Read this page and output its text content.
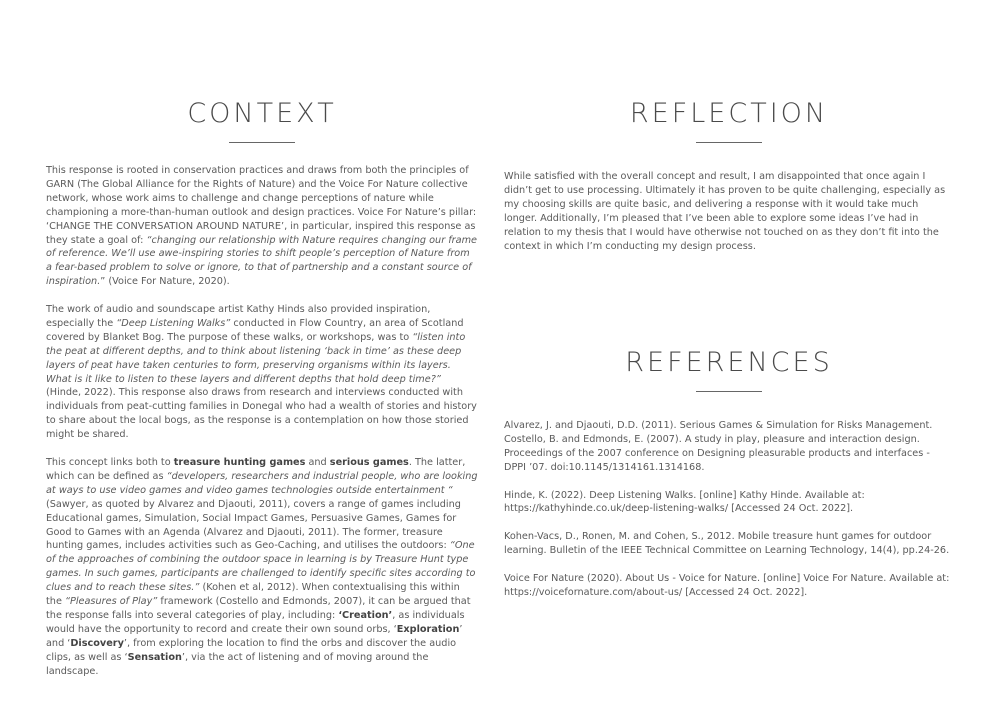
CONTEXT

This response is rooted in conservation practices and draws from both the principles of GARN (The Global Alliance for the Rights of Nature) and the Voice For Nature collective network, whose work aims to challenge and change perceptions of nature while championing a more-than-human outlook and design practices. Voice For Nature’s pillar: ‘CHANGE THE CONVERSATION AROUND NATURE’, in particular, inspired this response as they state a goal of: “changing our relationship with Nature requires changing our frame of reference. We’ll use awe-inspiring stories to shift people’s perception of Nature from a fear-based problem to solve or ignore, to that of partnership and a constant source of inspiration.” (Voice For Nature, 2020).

The work of audio and soundscape artist Kathy Hinds also provided inspiration, especially the “Deep Listening Walks” conducted in Flow Country, an area of Scotland covered by Blanket Bog. The purpose of these walks, or workshops, was to “listen into the peat at different depths, and to think about listening ‘back in time’ as these deep layers of peat have taken centuries to form, preserving organisms within its layers. What is it like to listen to these layers and different depths that hold deep time?” (Hinde, 2022). This response also draws from research and interviews conducted with individuals from peat-cutting families in Donegal who had a wealth of stories and history to share about the local bogs, as the response is a contemplation on how those storied might be shared.

This concept links both to treasure hunting games and serious games. The latter, which can be defined as “developers, researchers and industrial people, who are looking at ways to use video games and video games technologies outside entertainment “ (Sawyer, as quoted by Alvarez and Djaouti, 2011), covers a range of games including Educational games, Simulation, Social Impact Games, Persuasive Games, Games for Good to Games with an Agenda (Alvarez and Djaouti, 2011). The former, treasure hunting games, includes activities such as Geo-Caching, and utilises the outdoors: “One of the approaches of combining the outdoor space in learning is by Treasure Hunt type games. In such games, participants are challenged to identify specific sites according to clues and to reach these sites.” (Kohen et al, 2012). When contextualising this within the “Pleasures of Play” framework (Costello and Edmonds, 2007), it can be argued that the response falls into several categories of play, including: ‘Creation’, as individuals would have the opportunity to record and create their own sound orbs, ‘Exploration’ and ‘Discovery’, from exploring the location to find the orbs and discover the audio clips, as well as ‘Sensation’, via the act of listening and of moving around the landscape.

REFLECTION

While satisfied with the overall concept and result, I am disappointed that once again I didn’t get to use processing. Ultimately it has proven to be quite challenging, especially as my choosing skills are quite basic, and delivering a response with it would take much longer. Additionally, I’m pleased that I’ve been able to explore some ideas I’ve had in relation to my thesis that I would have otherwise not touched on as they don’t fit into the context in which I’m conducting my design process.

REFERENCES

Alvarez, J. and Djaouti, D.D. (2011). Serious Games & Simulation for Risks Management. Costello, B. and Edmonds, E. (2007). A study in play, pleasure and interaction design. Proceedings of the 2007 conference on Designing pleasurable products and interfaces - DPPI ’07. doi:10.1145/1314161.1314168.

Hinde, K. (2022). Deep Listening Walks. [online] Kathy Hinde. Available at: https://kathyhinde.co.uk/deep-listening-walks/ [Accessed 24 Oct. 2022].

Kohen-Vacs, D., Ronen, M. and Cohen, S., 2012. Mobile treasure hunt games for outdoor learning. Bulletin of the IEEE Technical Committee on Learning Technology, 14(4), pp.24-26.

Voice For Nature (2020). About Us - Voice for Nature. [online] Voice For Nature. Available at: https://voicefornature.com/about-us/ [Accessed 24 Oct. 2022].
